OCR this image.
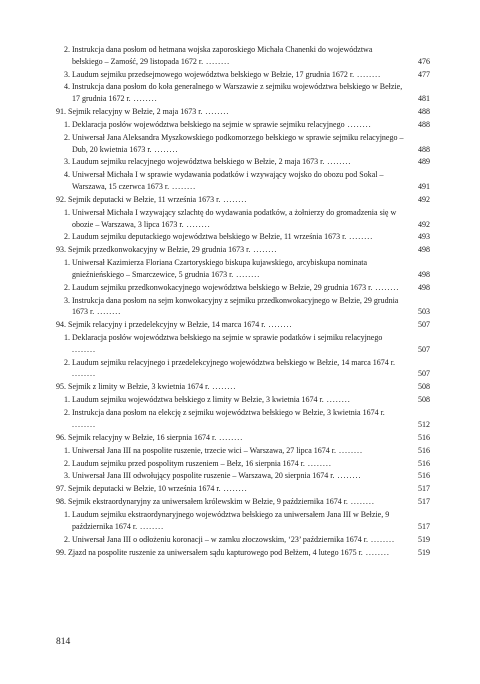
2. Instrukcja dana posłom od hetmana wojska zaporoskiego Michała Chanenki do województwa bełskiego – Zamość, 29 listopada 1672 r. ........	476
3. Laudum sejmiku przedsejmowego województwa bełskiego w Bełzie, 17 grudnia 1672 r. ........	477
4. Instrukcja dana posłom do koła generalnego w Warszawie z sejmiku województwa bełskiego w Bełzie, 17 grudnia 1672 r. ........	481
91. Sejmik relacyjny w Bełzie, 2 maja 1673 r. ........	488
1. Deklaracja posłów województwa bełskiego na sejmie w sprawie sejmiku relacyjnego ........	488
2. Uniwersał Jana Aleksandra Myszkowskiego podkomorzego bełskiego w sprawie sejmiku relacyjnego – Dub, 20 kwietnia 1673 r. ........	488
3. Laudum sejmiku relacyjnego województwa bełskiego w Bełzie, 2 maja 1673 r. ........	489
4. Uniwersał Michała I w sprawie wydawania podatków i wzywający wojsko do obozu pod Sokal – Warszawa, 15 czerwca 1673 r. ........	491
92. Sejmik deputacki w Bełzie, 11 września 1673 r. ........	492
1. Uniwersał Michała I wzywający szlachtę do wydawania podatków, a żołnierzy do gromadzenia się w obozie – Warszawa, 3 lipca 1673 r. ........	492
2. Laudum sejmiku deputackiego województwa bełskiego w Bełzie, 11 września 1673 r. ........	493
93. Sejmik przedkonwokacyjny w Bełzie, 29 grudnia 1673 r. ........	498
1. Uniwersał Kazimierza Floriana Czartoryskiego biskupa kujawskiego, arcybiskupa nominata gnieźnieńskiego – Smarczewice, 5 grudnia 1673 r. ........	498
2. Laudum sejmiku przedkonwokacyjnego województwa bełskiego w Bełzie, 29 grudnia 1673 r. ........ 498
3. Instrukcja dana posłom na sejm konwokacyjny z sejmiku przedkonwokacyjnego w Bełzie, 29 grudnia 1673 r. ........	503
94. Sejmik relacyjny i przedelekcyjny w Bełzie, 14 marca 1674 r. ........	507
1. Deklaracja posłów województwa bełskiego na sejmie w sprawie podatków i sejmiku relacyjnego ........	507
2. Laudum sejmiku relacyjnego i przedelekcyjnego województwa bełskiego w Bełzie, 14 marca 1674 r. ........	507
95. Sejmik z limity w Bełzie, 3 kwietnia 1674 r. ........	508
1. Laudum sejmiku województwa bełskiego z limity w Bełzie, 3 kwietnia 1674 r. ........	508
2. Instrukcja dana posłom na elekcję z sejmiku województwa bełskiego w Bełzie, 3 kwietnia 1674 r. ........	512
96. Sejmik relacyjny w Bełzie, 16 sierpnia 1674 r. ........	516
1. Uniwersał Jana III na pospolite ruszenie, trzecie wici – Warszawa, 27 lipca 1674 r. ........	516
2. Laudum sejmiku przed pospolitym ruszeniem – Bełz, 16 sierpnia 1674 r. ........	516
3. Uniwersał Jana III odwołujący pospolite ruszenie – Warszawa, 20 sierpnia 1674 r. ........	516
97. Sejmik deputacki w Bełzie, 10 września 1674 r. ........	517
98. Sejmik ekstraordynaryjny za uniwersałem królewskim w Bełzie, 9 października 1674 r. ........	517
1. Laudum sejmiku ekstraordynaryjnego województwa bełskiego za uniwersałem Jana III w Bełzie, 9 października 1674 r. ........	517
2. Uniwersał Jana III o odłożeniu koronacji – w zamku złoczowskim, ‘23’ października 1674 r. ........	519
99. Zjazd na pospolite ruszenie za uniwersałem sądu kapturowego pod Bełżem, 4 lutego 1675 r. ........	519
814
